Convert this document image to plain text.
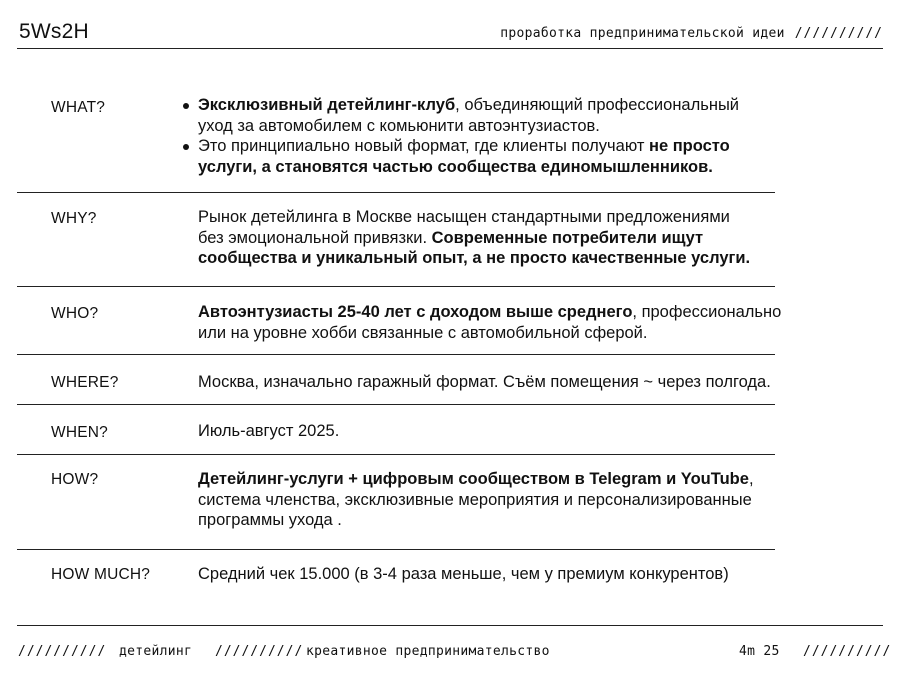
5Ws2H	проработка предпринимательской идеи //////////
WHAT?	Эксклюзивный детейлинг-клуб, объединяющий профессиональный
уход за автомобилем с комьюнити автоэнтузиастов.
Это принципиально новый формат, где клиенты получают не просто
услуги, а становятся частью сообщества единомышленников.
WHY?	Рынок детейлинга в Москве насыщен стандартными предложениями
без эмоциональной привязки. Современные потребители ищут
сообщества и уникальный опыт, а не просто качественные услуги.
WHO?	Автоэнтузиасты 25-40 лет с доходом выше среднего, профессионально
или на уровне хобби связанные с автомобильной сферой.
WHERE?	Москва, изначально гаражный формат. Съём помещения ~ через полгода.
WHEN?	Июль-август 2025.
HOW?	Детейлинг-услуги + цифровым сообществом в Telegram и YouTube,
система членства, эксклюзивные мероприятия и персонализированные
программы ухода .
HOW MUCH?	Средний чек 15.000 (в 3-4 раза меньше, чем у премиум конкурентов)
////////// детейлинг ////////// креативное предпринимательство	4m 25 //////////
